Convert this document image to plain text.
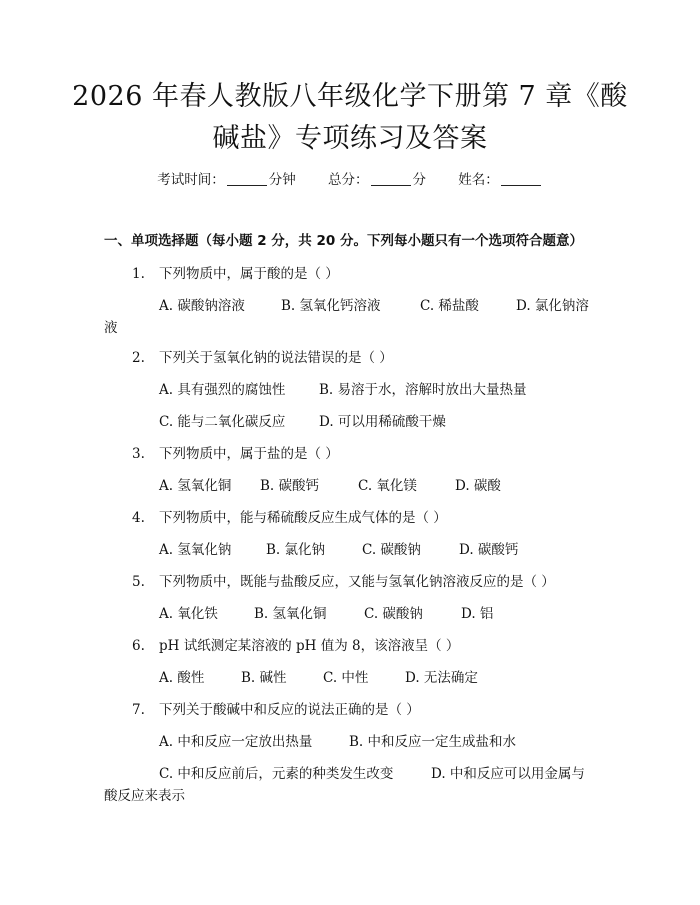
2026 年春人教版八年级化学下册第 7 章《酸
碱盐》专项练习及答案
考试时间：	分钟 总分：	分 姓名：
一、单项选择题（每小题 2 分，共 20 分。下列每小题只有一个选项符合题意）
1. 下列物质中，属于酸的是（ ）
A. 碳酸钠溶液	B. 氢氧化钙溶液	C. 稀盐酸	D. 氯化钠溶
液
2. 下列关于氢氧化钠的说法错误的是（ ）
A. 具有强烈的腐蚀性 B. 易溶于水，溶解时放出大量热量
C. 能与二氧化碳反应 D. 可以用稀硫酸干燥
3. 下列物质中，属于盐的是（ ）
A. 氢氧化铜 B. 碳酸钙	C. 氧化镁	D. 碳酸
4. 下列物质中，能与稀硫酸反应生成气体的是（ ）
A. 氢氧化钠	B. 氯化钠	C. 碳酸钠	D. 碳酸钙
5. 下列物质中，既能与盐酸反应，又能与氢氧化钠溶液反应的是（ ）
A. 氧化铁	B. 氢氧化铜	C. 碳酸钠	D. 铝
6. pH 试纸测定某溶液的 pH 值为 8，该溶液呈（ ）
A. 酸性	B. 碱性	C. 中性	D. 无法确定
7. 下列关于酸碱中和反应的说法正确的是（ ）
A. 中和反应一定放出热量	B. 中和反应一定生成盐和水
C. 中和反应前后，元素的种类发生改变	D. 中和反应可以用金属与
酸反应来表示
